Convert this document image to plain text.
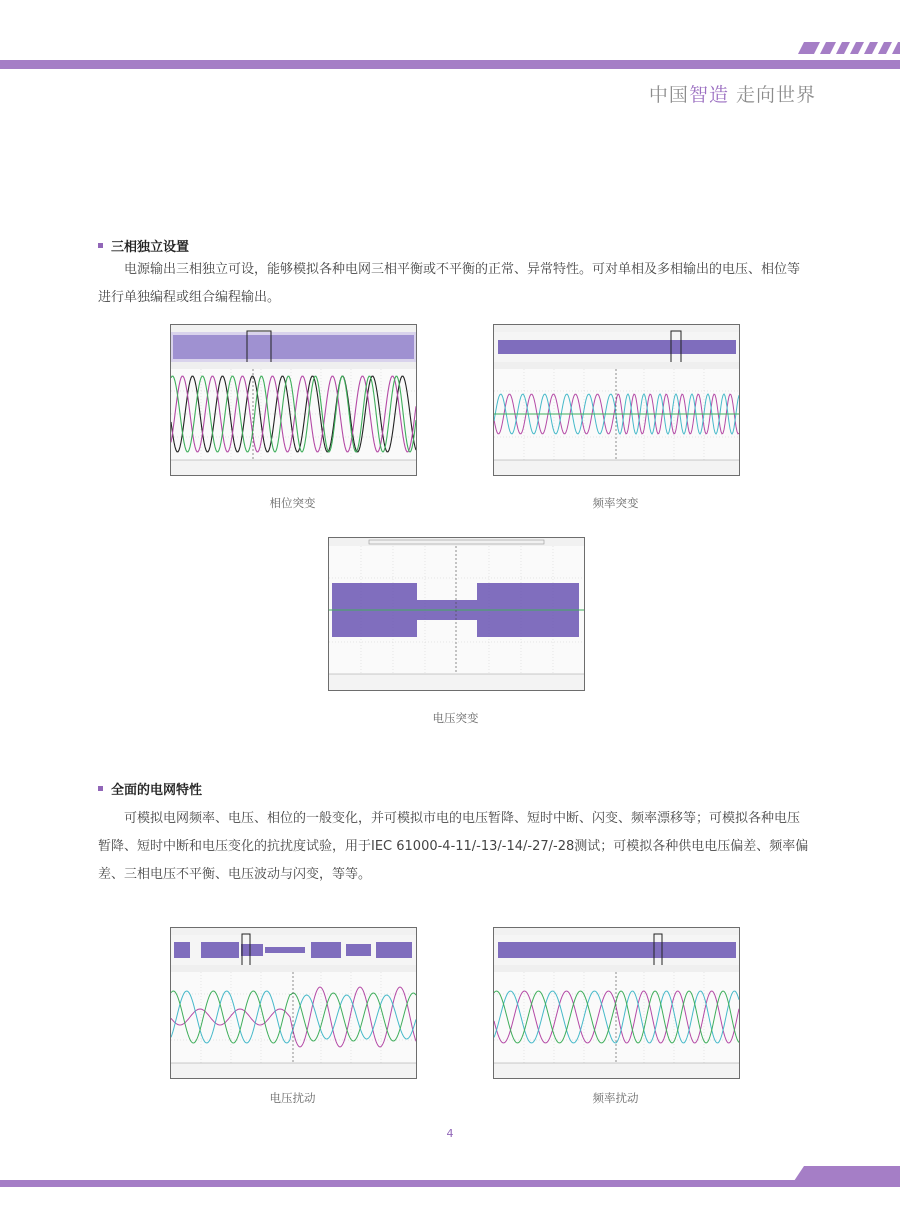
中国智造 走向世界
三相独立设置

电源输出三相独立可设，能够模拟各种电网三相平衡或不平衡的正常、异常特性。可对单相及多相输出的电压、相位等进行单独编程或组合编程输出。

相位突变	频率突变
电压突变
全面的电网特性

可模拟电网频率、电压、相位的一般变化，并可模拟市电的电压暂降、短时中断、闪变、频率漂移等；可模拟各种电压暂降、短时中断和电压变化的抗扰度试验，用于IEC 61000-4-11/-13/-14/-27/-28测试；可模拟各种供电电压偏差、频率偏差、三相电压不平衡、电压波动与闪变，等等。

电压扰动	频率扰动
4
